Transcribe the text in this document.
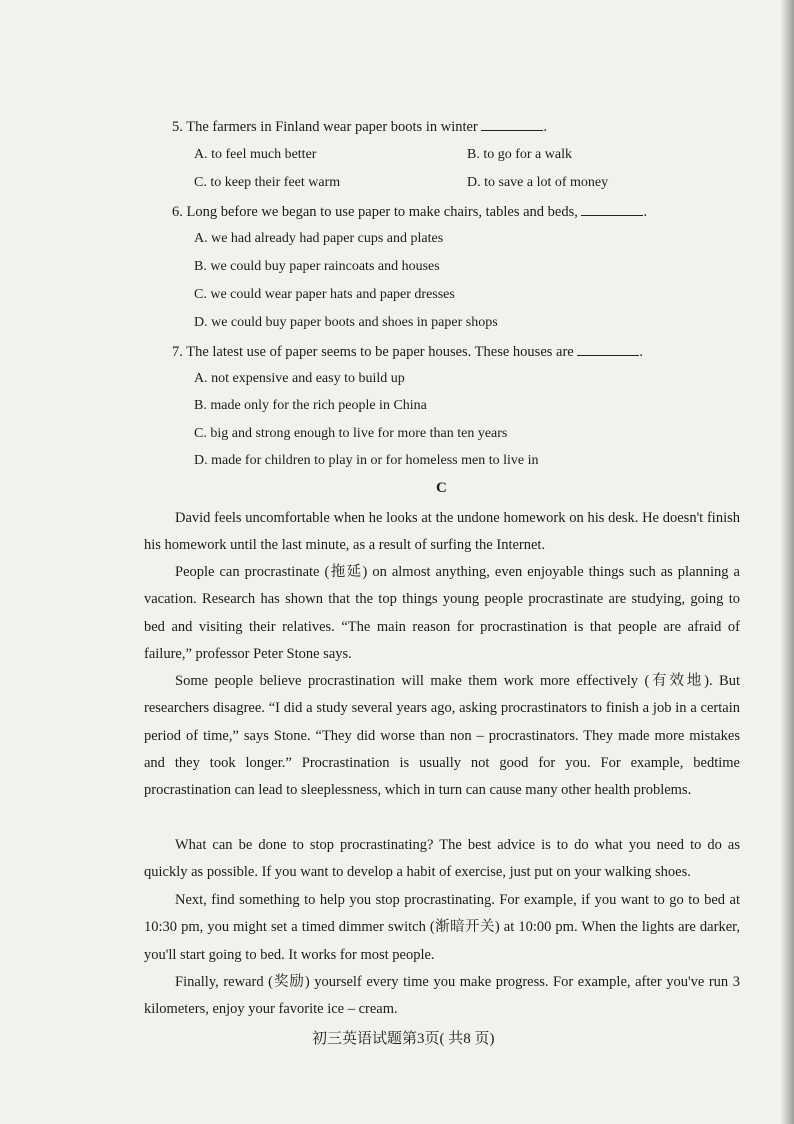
5. The farmers in Finland wear paper boots in winter	.
A. to feel much better	B. to go for a walk
C. to keep their feet warm	D. to save a lot of money
6. Long before we began to use paper to make chairs, tables and beds,	.
A. we had already had paper cups and plates
B. we could buy paper raincoats and houses
C. we could wear paper hats and paper dresses
D. we could buy paper boots and shoes in paper shops
7. The latest use of paper seems to be paper houses. These houses are	.
A. not expensive and easy to build up
B. made only for the rich people in China
C. big and strong enough to live for more than ten years
D. made for children to play in or for homeless men to live in
C
David feels uncomfortable when he looks at the undone homework on his desk. He doesn't finish his homework until the last minute, as a result of surfing the Internet.
People can procrastinate (拖延) on almost anything, even enjoyable things such as planning a vacation. Research has shown that the top things young people procrastinate are studying, going to bed and visiting their relatives. “The main reason for procrastination is that people are afraid of failure,” professor Peter Stone says.
Some people believe procrastination will make them work more effectively (有效地). But researchers disagree. “I did a study several years ago, asking procrastinators to finish a job in a certain period of time,” says Stone. “They did worse than non – procrastinators. They made more mistakes and they took longer.” Procrastination is usually not good for you. For example, bedtime procrastination can lead to sleeplessness, which in turn can cause many other health problems.
What can be done to stop procrastinating? The best advice is to do what you need to do as quickly as possible. If you want to develop a habit of exercise, just put on your walking shoes.
Next, find something to help you stop procrastinating. For example, if you want to go to bed at 10:30 pm, you might set a timed dimmer switch (渐暗开关) at 10:00 pm. When the lights are darker, you'll start going to bed. It works for most people.
Finally, reward (奖励) yourself every time you make progress. For example, after you've run 3 kilometers, enjoy your favorite ice – cream.
初三英语试题第3页( 共8 页)
